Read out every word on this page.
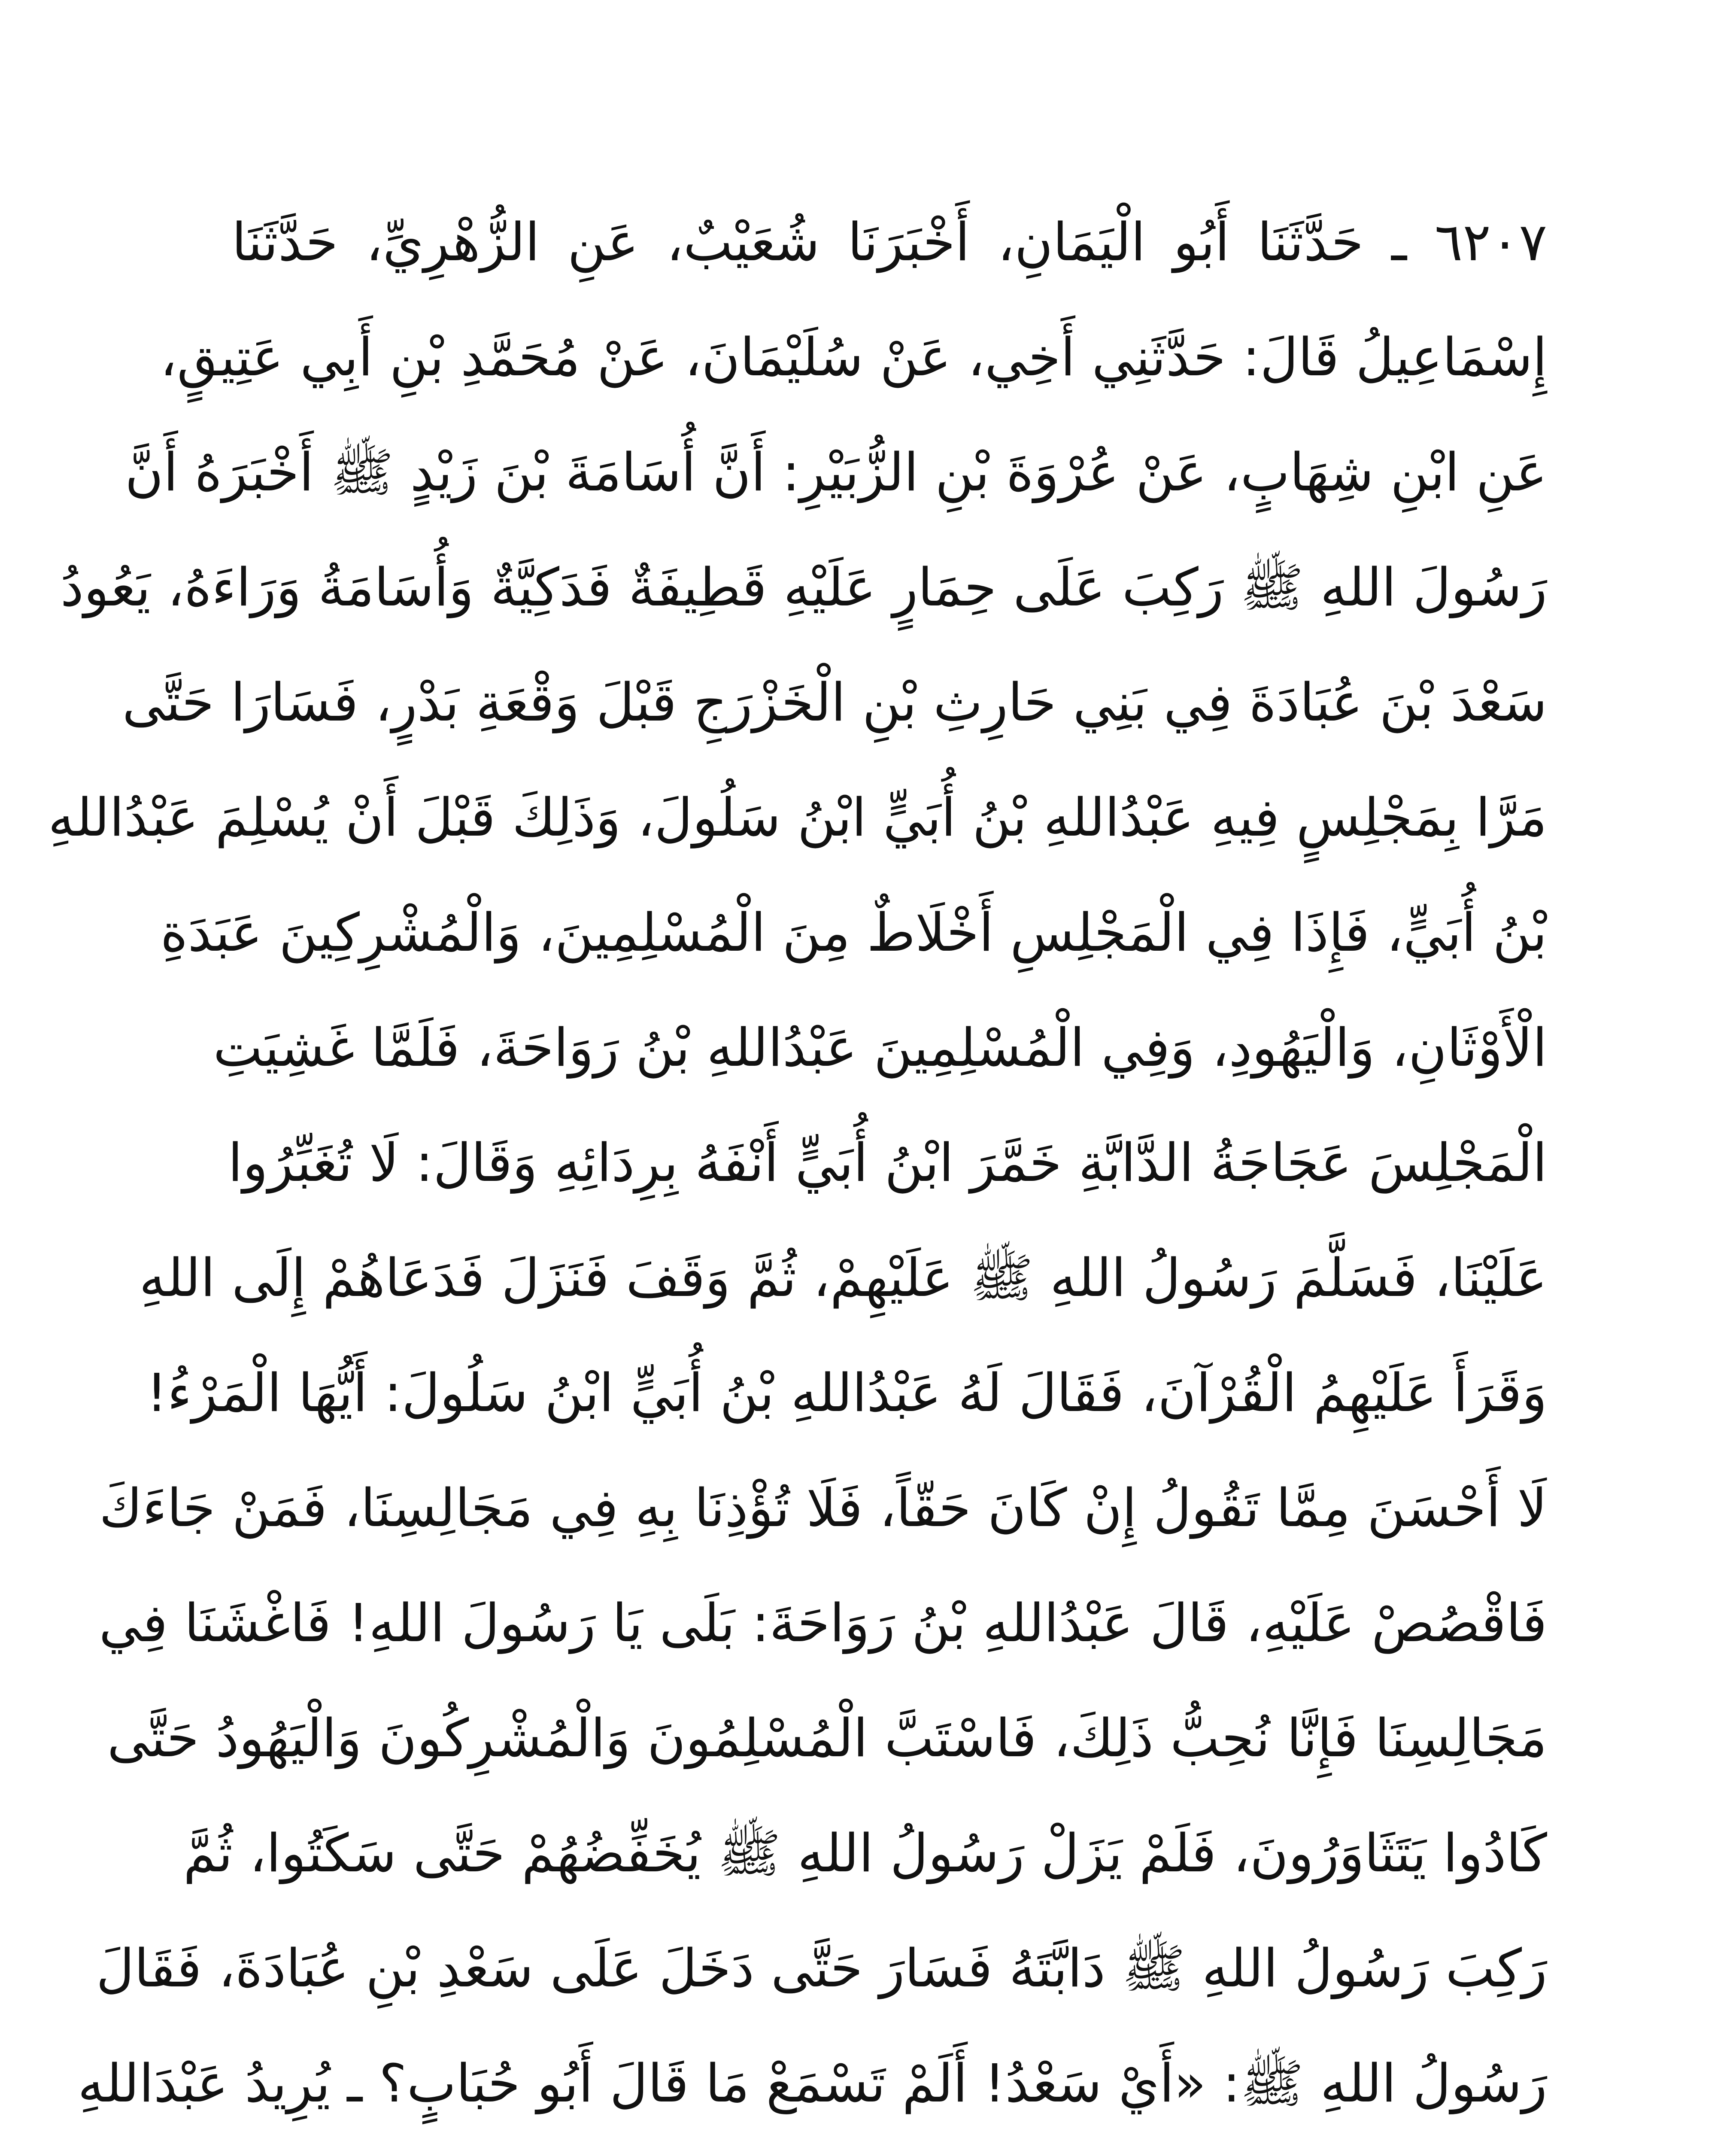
٦٢٠٧ ـ حَدَّثَنَا أَبُو الْيَمَانِ، أَخْبَرَنَا شُعَيْبٌ، عَنِ الزُّهْرِيِّ، حَدَّثَنَا
إِسْمَاعِيلُ قَالَ: حَدَّثَنِي أَخِي، عَنْ سُلَيْمَانَ، عَنْ مُحَمَّدِ بْنِ أَبِي عَتِيقٍ،
عَنِ ابْنِ شِهَابٍ، عَنْ عُرْوَةَ بْنِ الزُّبَيْرِ: أَنَّ أُسَامَةَ بْنَ زَيْدٍ ﷺ أَخْبَرَهُ أَنَّ
رَسُولَ اللهِ ﷺ رَكِبَ عَلَى حِمَارٍ عَلَيْهِ قَطِيفَةٌ فَدَكِيَّةٌ وَأُسَامَةُ وَرَاءَهُ، يَعُودُ
سَعْدَ بْنَ عُبَادَةَ فِي بَنِي حَارِثِ بْنِ الْخَزْرَجِ قَبْلَ وَقْعَةِ بَدْرٍ، فَسَارَا حَتَّى
مَرَّا بِمَجْلِسٍ فِيهِ عَبْدُاللهِ بْنُ أُبَيٍّ ابْنُ سَلُولَ، وَذَلِكَ قَبْلَ أَنْ يُسْلِمَ عَبْدُاللهِ
بْنُ أُبَيٍّ، فَإِذَا فِي الْمَجْلِسِ أَخْلَاطٌ مِنَ الْمُسْلِمِينَ، وَالْمُشْرِكِينَ عَبَدَةِ
الْأَوْثَانِ، وَالْيَهُودِ، وَفِي الْمُسْلِمِينَ عَبْدُاللهِ بْنُ رَوَاحَةَ، فَلَمَّا غَشِيَتِ
الْمَجْلِسَ عَجَاجَةُ الدَّابَّةِ خَمَّرَ ابْنُ أُبَيٍّ أَنْفَهُ بِرِدَائِهِ وَقَالَ: لَا تُغَبِّرُوا
عَلَيْنَا، فَسَلَّمَ رَسُولُ اللهِ ﷺ عَلَيْهِمْ، ثُمَّ وَقَفَ فَنَزَلَ فَدَعَاهُمْ إِلَى اللهِ
وَقَرَأَ عَلَيْهِمُ الْقُرْآنَ، فَقَالَ لَهُ عَبْدُاللهِ بْنُ أُبَيٍّ ابْنُ سَلُولَ: أَيُّهَا الْمَرْءُ!
لَا أَحْسَنَ مِمَّا تَقُولُ إِنْ كَانَ حَقّاً، فَلَا تُؤْذِنَا بِهِ فِي مَجَالِسِنَا، فَمَنْ جَاءَكَ
فَاقْصُصْ عَلَيْهِ، قَالَ عَبْدُاللهِ بْنُ رَوَاحَةَ: بَلَى يَا رَسُولَ اللهِ! فَاغْشَنَا فِي
مَجَالِسِنَا فَإِنَّا نُحِبُّ ذَلِكَ، فَاسْتَبَّ الْمُسْلِمُونَ وَالْمُشْرِكُونَ وَالْيَهُودُ حَتَّى
كَادُوا يَتَثَاوَرُونَ، فَلَمْ يَزَلْ رَسُولُ اللهِ ﷺ يُخَفِّضُهُمْ حَتَّى سَكَتُوا، ثُمَّ
رَكِبَ رَسُولُ اللهِ ﷺ دَابَّتَهُ فَسَارَ حَتَّى دَخَلَ عَلَى سَعْدِ بْنِ عُبَادَةَ، فَقَالَ
رَسُولُ اللهِ ﷺ: «أَيْ سَعْدُ! أَلَمْ تَسْمَعْ مَا قَالَ أَبُو حُبَابٍ؟ ـ يُرِيدُ عَبْدَاللهِ
